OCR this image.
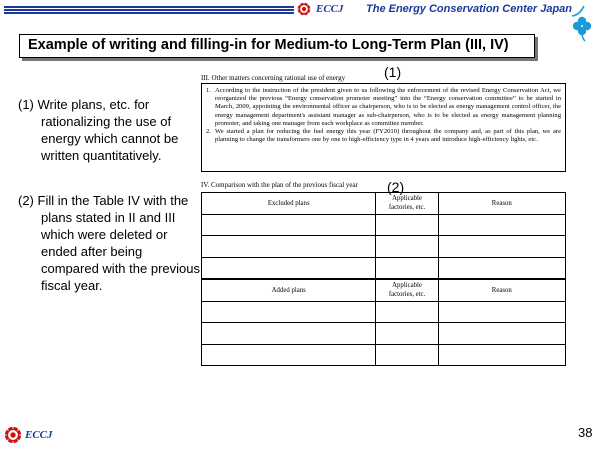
ECCJ The Energy Conservation Center Japan
Example of writing and filling-in for Medium-to Long-Term Plan (III, IV)
(1)
(2)
(1) Write plans, etc. for
rationalizing the use of energy which cannot be written quantitatively.
(2) Fill in the Table IV with the
plans stated in II and III which were deleted or ended after being compared with the previous fiscal year.
III. Other matters concerning rational use of energy
1. According to the instruction of the president given to us following the enforcement of the revised Energy Conservation Act, we reorganized the previous “Energy conservation promoter meeting” into the “Energy conservation committee” to be started in March, 2009, appointing the environmental officer as chairperson, who is to be elected as energy management control officer, the energy management department's assistant manager as sub-chairperson, who is to be elected as energy management planning promoter, and taking one manager from each workplace as committee member.
2. We started a plan for reducing the fuel energy this year (FY2010) throughout the company and, as part of this plan, we are planning to change the transformers one by one to high-efficiency type in 4 years and introduce high-efficiency lights, etc.
IV. Comparison with the plan of the previous fiscal year
Excluded plans	Applicable
factories, etc.	Reason

Added plans	Applicable
factories, etc.	Reason

ECCJ	38
